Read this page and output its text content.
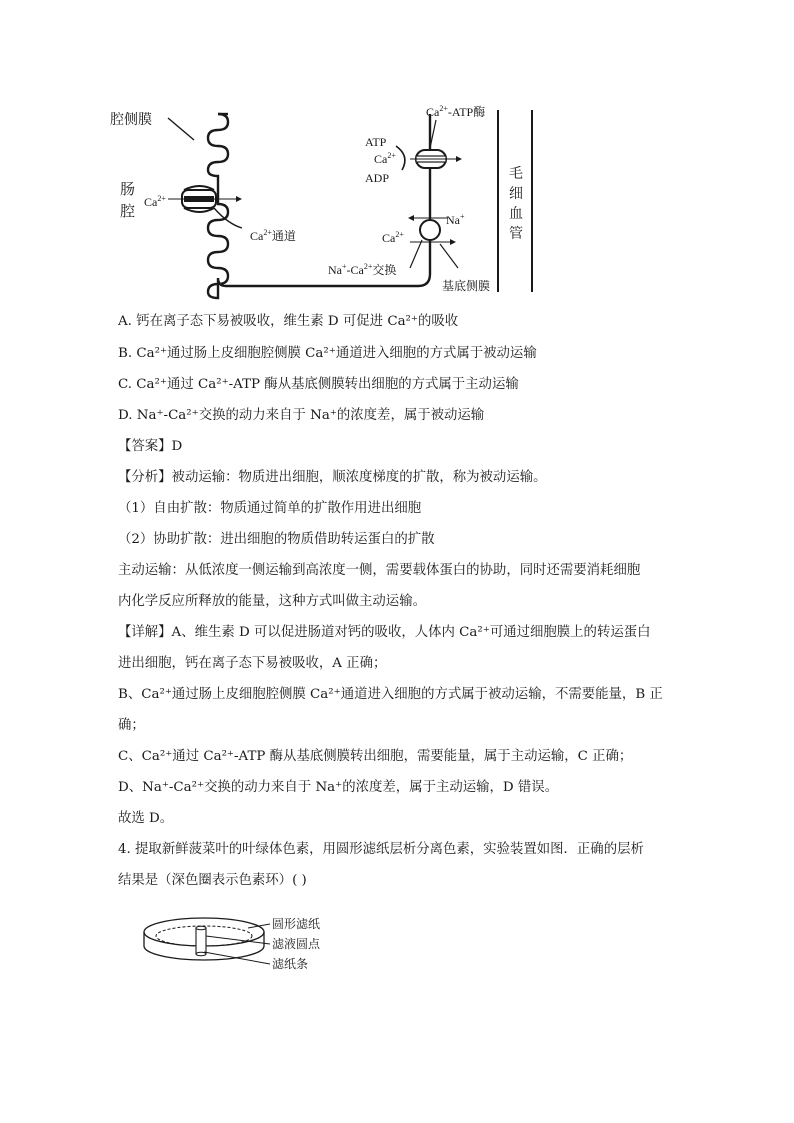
腔侧膜
肠
腔
$Ca^{2+}$
$Ca^{2+}$通道
$Ca^{2+}$-ATP酶
ATP
$Ca^{2+}$
ADP
Na+
$Ca^{2+}$
$Na^+-Ca^{2+}$交换
基底侧膜
毛
细
血
管
A. 钙在离子态下易被吸收，维生素 D 可促进 Ca²⁺的吸收
B. Ca²⁺通过肠上皮细胞腔侧膜 Ca²⁺通道进入细胞的方式属于被动运输
C. Ca²⁺通过 Ca²⁺-ATP 酶从基底侧膜转出细胞的方式属于主动运输
D. Na⁺-Ca²⁺交换的动力来自于 Na⁺的浓度差，属于被动运输
【答案】D
【分析】被动运输：物质进出细胞，顺浓度梯度的扩散，称为被动运输。
（1）自由扩散：物质通过简单的扩散作用进出细胞
（2）协助扩散：进出细胞的物质借助转运蛋白的扩散
主动运输：从低浓度一侧运输到高浓度一侧，需要载体蛋白的协助，同时还需要消耗细胞
内化学反应所释放的能量，这种方式叫做主动运输。
【详解】A、维生素 D 可以促进肠道对钙的吸收，人体内 Ca²⁺可通过细胞膜上的转运蛋白
进出细胞，钙在离子态下易被吸收，A 正确；
B、Ca²⁺通过肠上皮细胞腔侧膜 Ca²⁺通道进入细胞的方式属于被动运输，不需要能量，B 正
确；
C、Ca²⁺通过 Ca²⁺-ATP 酶从基底侧膜转出细胞，需要能量，属于主动运输，C 正确；
D、Na⁺-Ca²⁺交换的动力来自于 Na⁺的浓度差，属于主动运输，D 错误。
故选 D。
4. 提取新鲜菠菜叶的叶绿体色素，用圆形滤纸层析分离色素，实验装置如图．正确的层析
结果是（深色圈表示色素环）( )
圆形滤纸
滤液圆点
滤纸条
